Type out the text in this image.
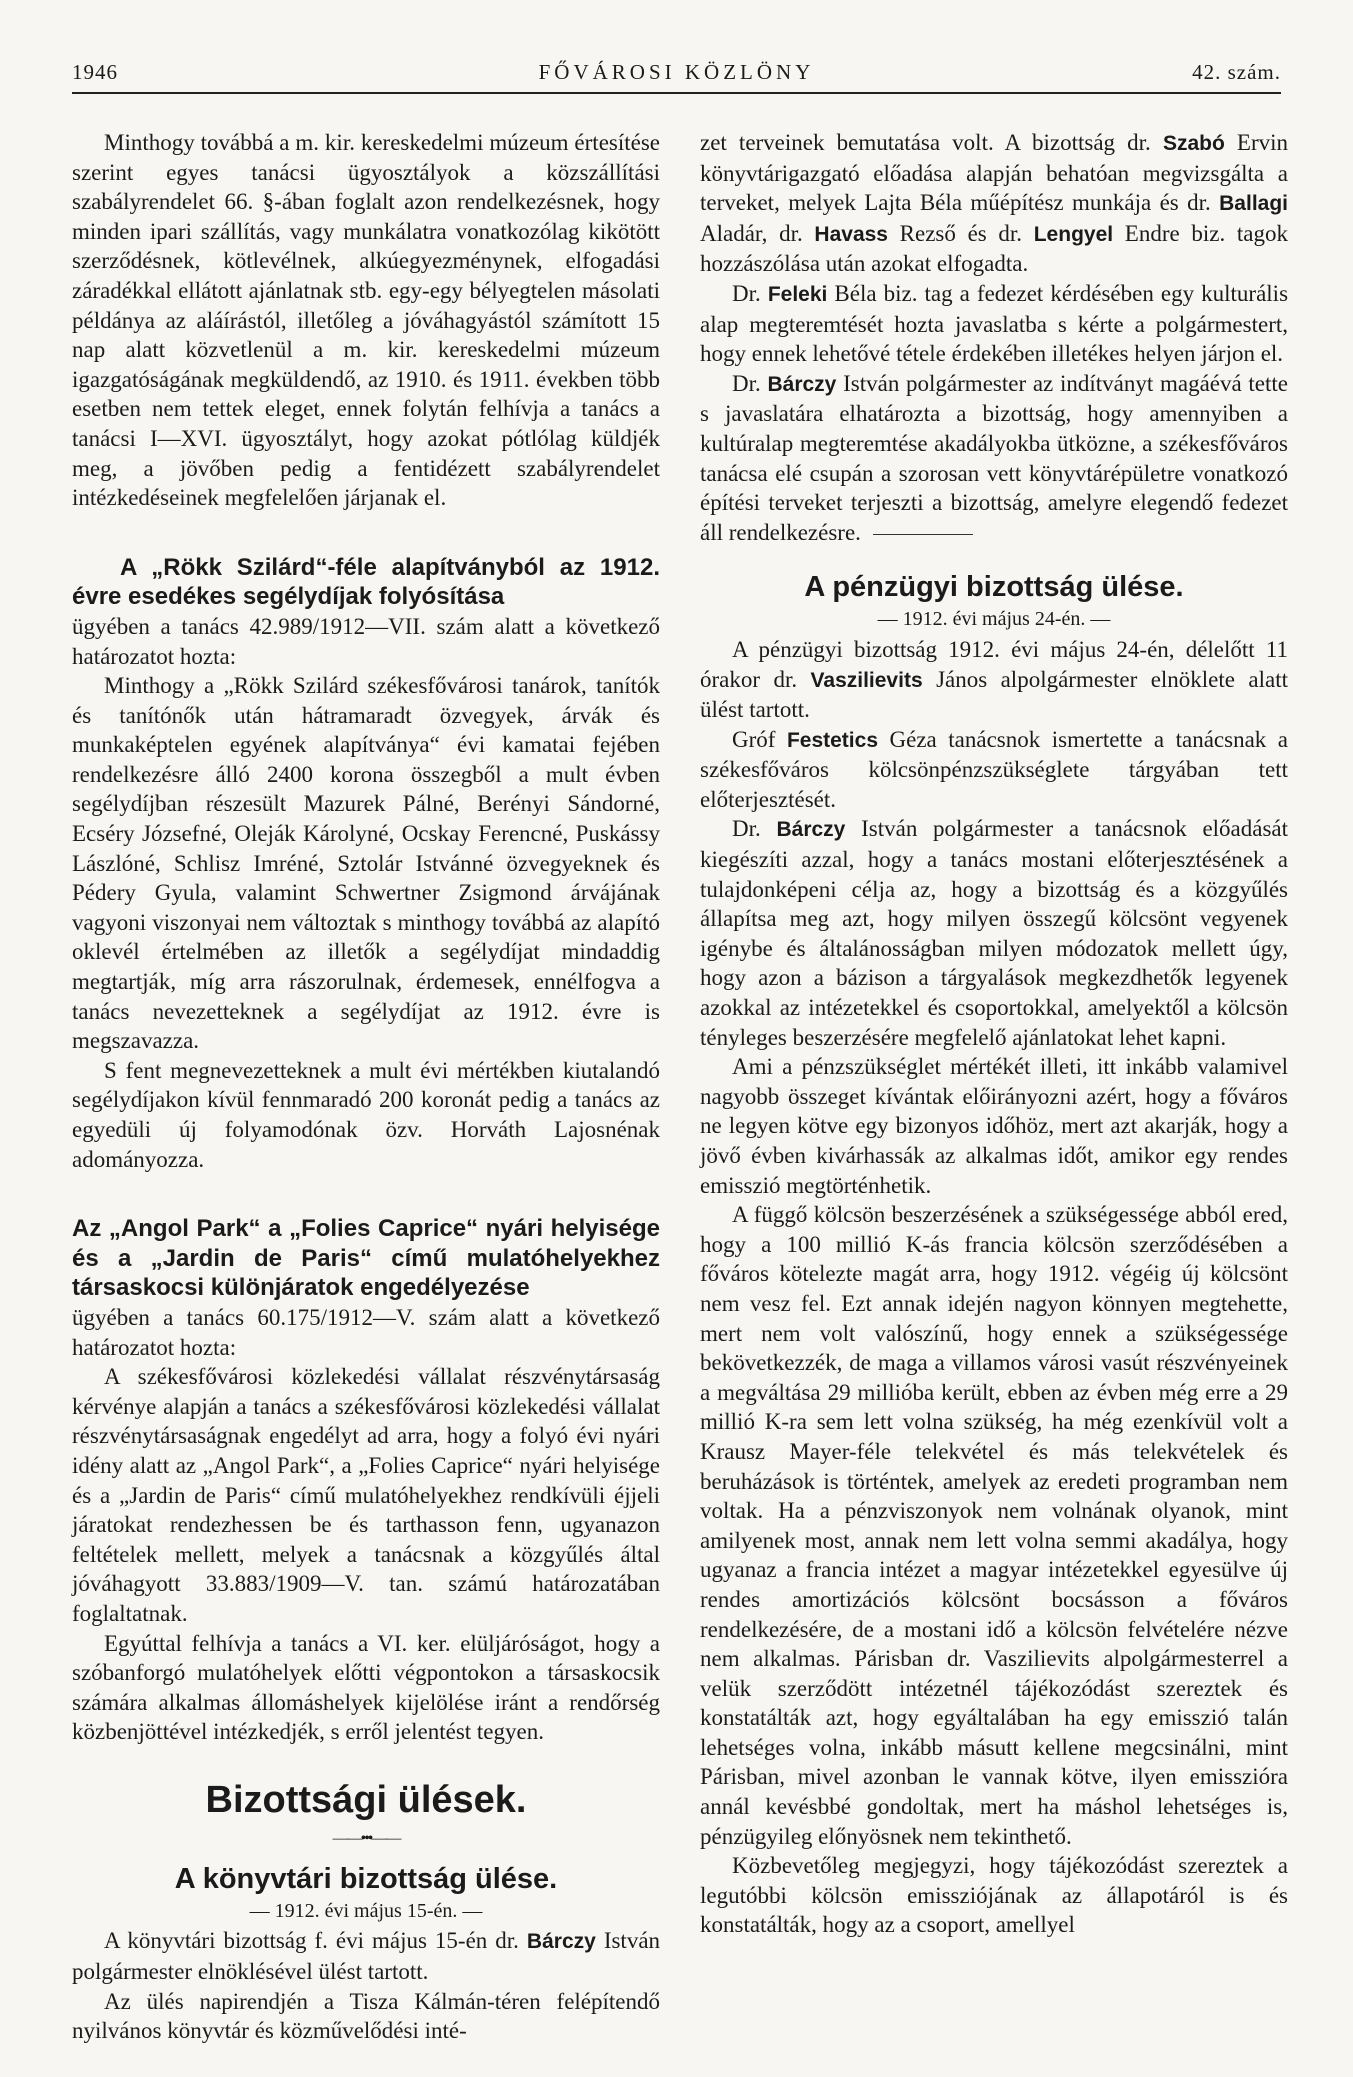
1946	FŐVÁROSI KÖZLÖNY	42. szám.

Minthogy továbbá a m. kir. kereskedelmi múzeum értesítése szerint egyes tanácsi ügyosztályok a közszállítási szabályrendelet 66. §-ában foglalt azon rendelkezésnek, hogy minden ipari szállítás, vagy munkálatra vonatkozólag kikötött szerződésnek, kötlevélnek, alkúegyezménynek, elfogadási záradékkal ellátott ajánlatnak stb. egy-egy bélyegtelen másolati példánya az aláírástól, illetőleg a jóváhagyástól számított 15 nap alatt közvetlenül a m. kir. kereskedelmi múzeum igazgatóságának megküldendő, az 1910. és 1911. években több esetben nem tettek eleget, ennek folytán felhívja a tanács a tanácsi I—XVI. ügyosztályt, hogy azokat pótlólag küldjék meg, a jövőben pedig a fentidézett szabályrendelet intézkedéseinek megfelelően járjanak el.

A „Rökk Szilárd“-féle alapítványból az 1912. évre esedékes segélydíjak folyósítása

ügyében a tanács 42.989/1912—VII. szám alatt a következő határozatot hozta:

Minthogy a „Rökk Szilárd székesfővárosi tanárok, tanítók és tanítónők után hátramaradt özvegyek, árvák és munkaképtelen egyének alapítványa“ évi kamatai fejében rendelkezésre álló 2400 korona összegből a mult évben segélydíjban részesült Mazurek Pálné, Berényi Sándorné, Ecséry Józsefné, Oleják Károlyné, Ocskay Ferencné, Puskássy Lászlóné, Schlisz Imréné, Sztolár Istvánné özvegyeknek és Pédery Gyula, valamint Schwertner Zsigmond árvájának vagyoni viszonyai nem változtak s minthogy továbbá az alapító oklevél értelmében az illetők a segélydíjat mindaddig megtartják, míg arra rászorulnak, érdemesek, ennélfogva a tanács nevezetteknek a segélydíjat az 1912. évre is megszavazza.

S fent megnevezetteknek a mult évi mértékben kiutalandó segélydíjakon kívül fennmaradó 200 koronát pedig a tanács az egyedüli új folyamodónak özv. Horváth Lajosnénak adományozza.

Az „Angol Park“ a „Folies Caprice“ nyári helyisége és a „Jardin de Paris“ című mulatóhelyekhez társaskocsi különjáratok engedélyezése

ügyében a tanács 60.175/1912—V. szám alatt a következő határozatot hozta:

A székesfővárosi közlekedési vállalat részvénytársaság kérvénye alapján a tanács a székesfővárosi közlekedési vállalat részvénytársaságnak engedélyt ad arra, hogy a folyó évi nyári idény alatt az „Angol Park“, a „Folies Caprice“ nyári helyisége és a „Jardin de Paris“ című mulatóhelyekhez rendkívüli éjjeli járatokat rendezhessen be és tarthasson fenn, ugyanazon feltételek mellett, melyek a tanácsnak a közgyűlés által jóváhagyott 33.883/1909—V. tan. számú határozatában foglaltatnak.

Egyúttal felhívja a tanács a VI. ker. elüljáróságot, hogy a szóbanforgó mulatóhelyek előtti végpontokon a társaskocsik számára alkalmas állomáshelyek kijelölése iránt a rendőrség közbenjöttével intézkedjék, s erről jelentést tegyen.

Bizottsági ülések.
——•••——
A könyvtári bizottság ülése.

— 1912. évi május 15-én. —

A könyvtári bizottság f. évi május 15-én dr. Bárczy István polgármester elnöklésével ülést tartott.

Az ülés napirendjén a Tisza Kálmán-téren felépítendő nyilvános könyvtár és közművelődési inté-

zet terveinek bemutatása volt. A bizottság dr. Szabó Ervin könyvtárigazgató előadása alapján behatóan megvizsgálta a terveket, melyek Lajta Béla műépítész munkája és dr. Ballagi Aladár, dr. Havass Rezső és dr. Lengyel Endre biz. tagok hozzászólása után azokat elfogadta.

Dr. Feleki Béla biz. tag a fedezet kérdésében egy kulturális alap megteremtését hozta javaslatba s kérte a polgármestert, hogy ennek lehetővé tétele érdekében illetékes helyen járjon el.

Dr. Bárczy István polgármester az indítványt magáévá tette s javaslatára elhatározta a bizottság, hogy amennyiben a kultúralap megteremtése akadályokba ütközne, a székesfőváros tanácsa elé csupán a szorosan vett könyvtárépületre vonatkozó építési terveket terjeszti a bizottság, amelyre elegendő fedezet áll rendelkezésre.

A pénzügyi bizottság ülése.

— 1912. évi május 24-én. —

A pénzügyi bizottság 1912. évi május 24-én, délelőtt 11 órakor dr. Vaszilievits János alpolgármester elnöklete alatt ülést tartott.

Gróf Festetics Géza tanácsnok ismertette a tanácsnak a székesfőváros kölcsönpénzszükséglete tárgyában tett előterjesztését.

Dr. Bárczy István polgármester a tanácsnok előadását kiegészíti azzal, hogy a tanács mostani előterjesztésének a tulajdonképeni célja az, hogy a bizottság és a közgyűlés állapítsa meg azt, hogy milyen összegű kölcsönt vegyenek igénybe és általánosságban milyen módozatok mellett úgy, hogy azon a bázison a tárgyalások megkezdhetők legyenek azokkal az intézetekkel és csoportokkal, amelyektől a kölcsön tényleges beszerzésére megfelelő ajánlatokat lehet kapni.

Ami a pénzszükséglet mértékét illeti, itt inkább valamivel nagyobb összeget kívántak előirányozni azért, hogy a főváros ne legyen kötve egy bizonyos időhöz, mert azt akarják, hogy a jövő évben kivárhassák az alkalmas időt, amikor egy rendes emisszió megtörténhetik.

A függő kölcsön beszerzésének a szükségessége abból ered, hogy a 100 millió K-ás francia kölcsön szerződésében a főváros kötelezte magát arra, hogy 1912. végéig új kölcsönt nem vesz fel. Ezt annak idején nagyon könnyen megtehette, mert nem volt valószínű, hogy ennek a szükségessége bekövetkezzék, de maga a villamos városi vasút részvényeinek a megváltása 29 millióba került, ebben az évben még erre a 29 millió K-ra sem lett volna szükség, ha még ezenkívül volt a Krausz Mayer-féle telekvétel és más telekvételek és beruházások is történtek, amelyek az eredeti programban nem voltak. Ha a pénzviszonyok nem volnának olyanok, mint amilyenek most, annak nem lett volna semmi akadálya, hogy ugyanaz a francia intézet a magyar intézetekkel egyesülve új rendes amortizációs kölcsönt bocsásson a főváros rendelkezésére, de a mostani idő a kölcsön felvételére nézve nem alkalmas. Párisban dr. Vaszilievits alpolgármesterrel a velük szerződött intézetnél tájékozódást szereztek és konstatálták azt, hogy egyáltalában ha egy emisszió talán lehetséges volna, inkább másutt kellene megcsinálni, mint Párisban, mivel azonban le vannak kötve, ilyen emisszióra annál kevésbbé gondoltak, mert ha máshol lehetséges is, pénzügyileg előnyösnek nem tekinthető.

Közbevetőleg megjegyzi, hogy tájékozódást szereztek a legutóbbi kölcsön emissziójának az állapotáról is és konstatálták, hogy az a csoport, amellyel
